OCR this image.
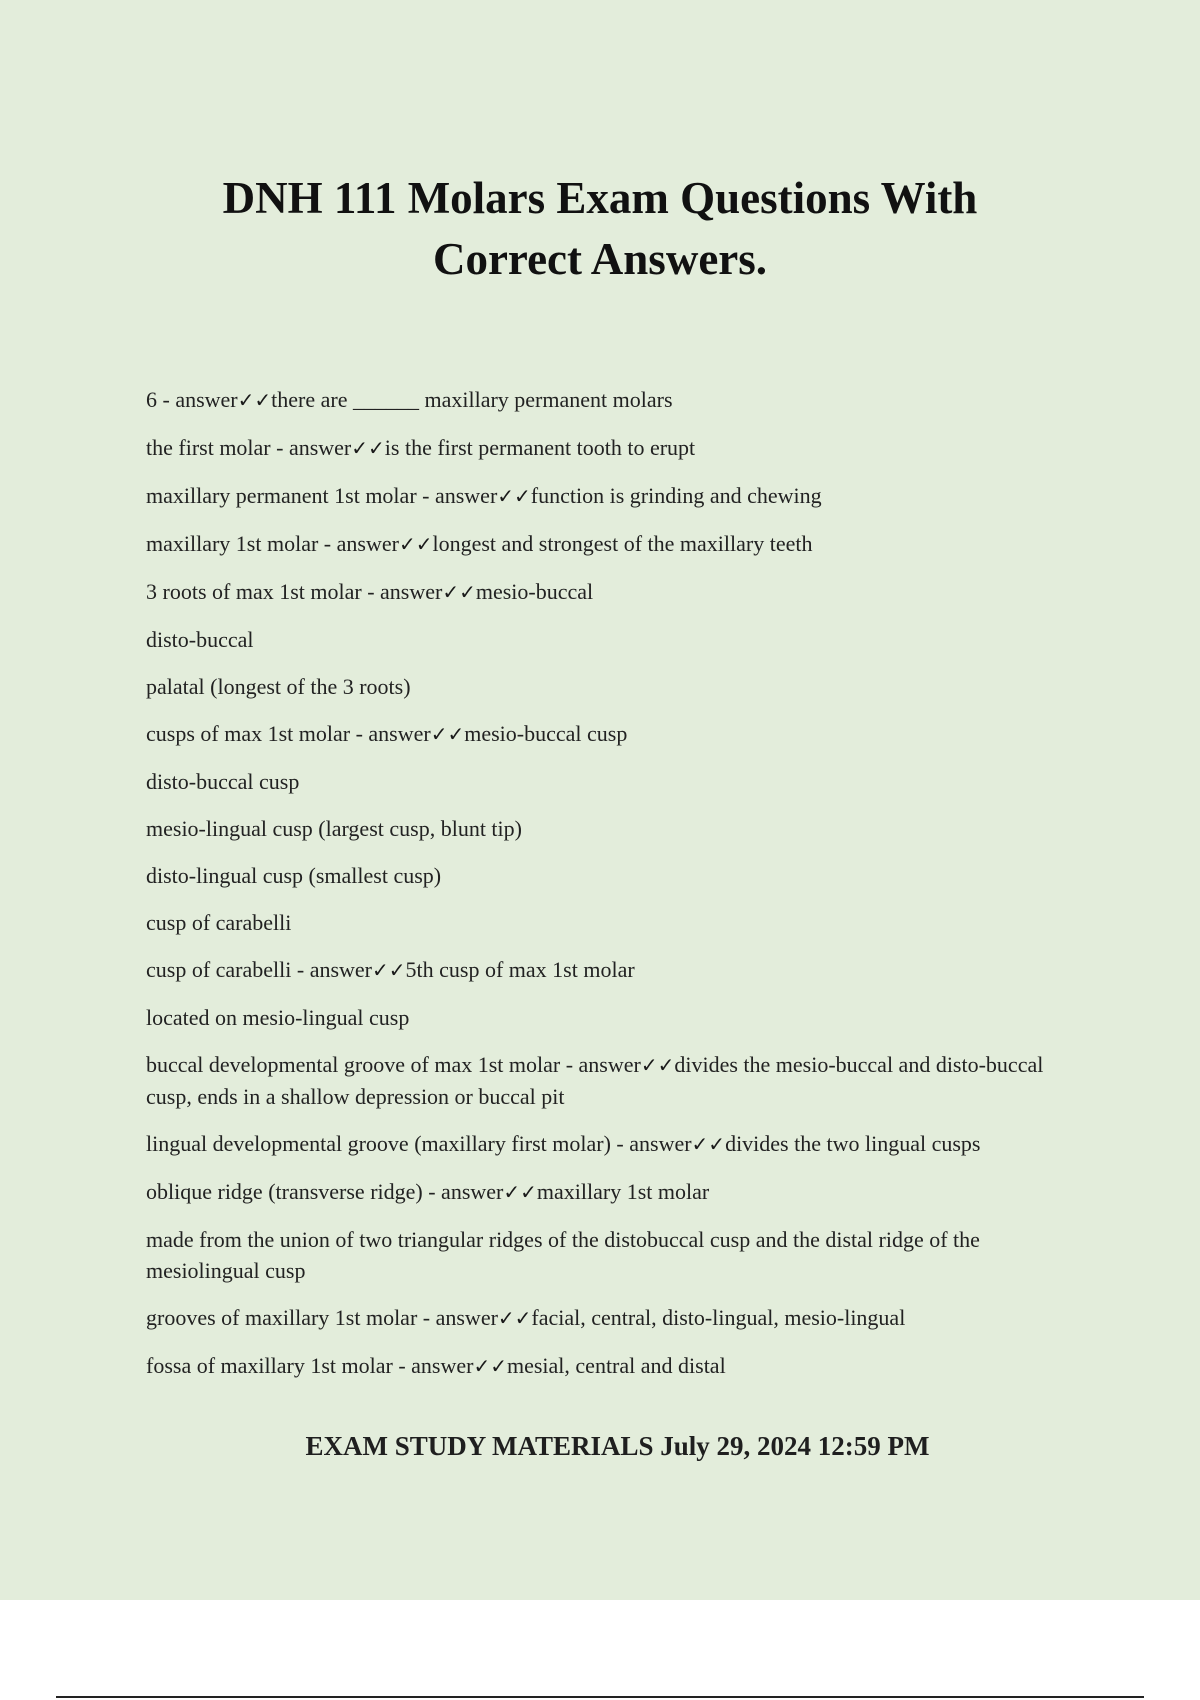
DNH 111 Molars Exam Questions With
Correct Answers.
6 - answer✓✓there are ______ maxillary permanent molars
the first molar - answer✓✓is the first permanent tooth to erupt
maxillary permanent 1st molar - answer✓✓function is grinding and chewing
maxillary 1st molar - answer✓✓longest and strongest of the maxillary teeth
3 roots of max 1st molar - answer✓✓mesio-buccal
disto-buccal
palatal (longest of the 3 roots)
cusps of max 1st molar - answer✓✓mesio-buccal cusp
disto-buccal cusp
mesio-lingual cusp (largest cusp, blunt tip)
disto-lingual cusp (smallest cusp)
cusp of carabelli
cusp of carabelli - answer✓✓5th cusp of max 1st molar
located on mesio-lingual cusp
buccal developmental groove of max 1st molar - answer✓✓divides the mesio-buccal and disto-buccal cusp, ends in a shallow depression or buccal pit
lingual developmental groove (maxillary first molar) - answer✓✓divides the two lingual cusps
oblique ridge (transverse ridge) - answer✓✓maxillary 1st molar
made from the union of two triangular ridges of the distobuccal cusp and the distal ridge of the mesiolingual cusp
grooves of maxillary 1st molar - answer✓✓facial, central, disto-lingual, mesio-lingual
fossa of maxillary 1st molar - answer✓✓mesial, central and distal
EXAM STUDY MATERIALS July 29, 2024 12:59 PM
